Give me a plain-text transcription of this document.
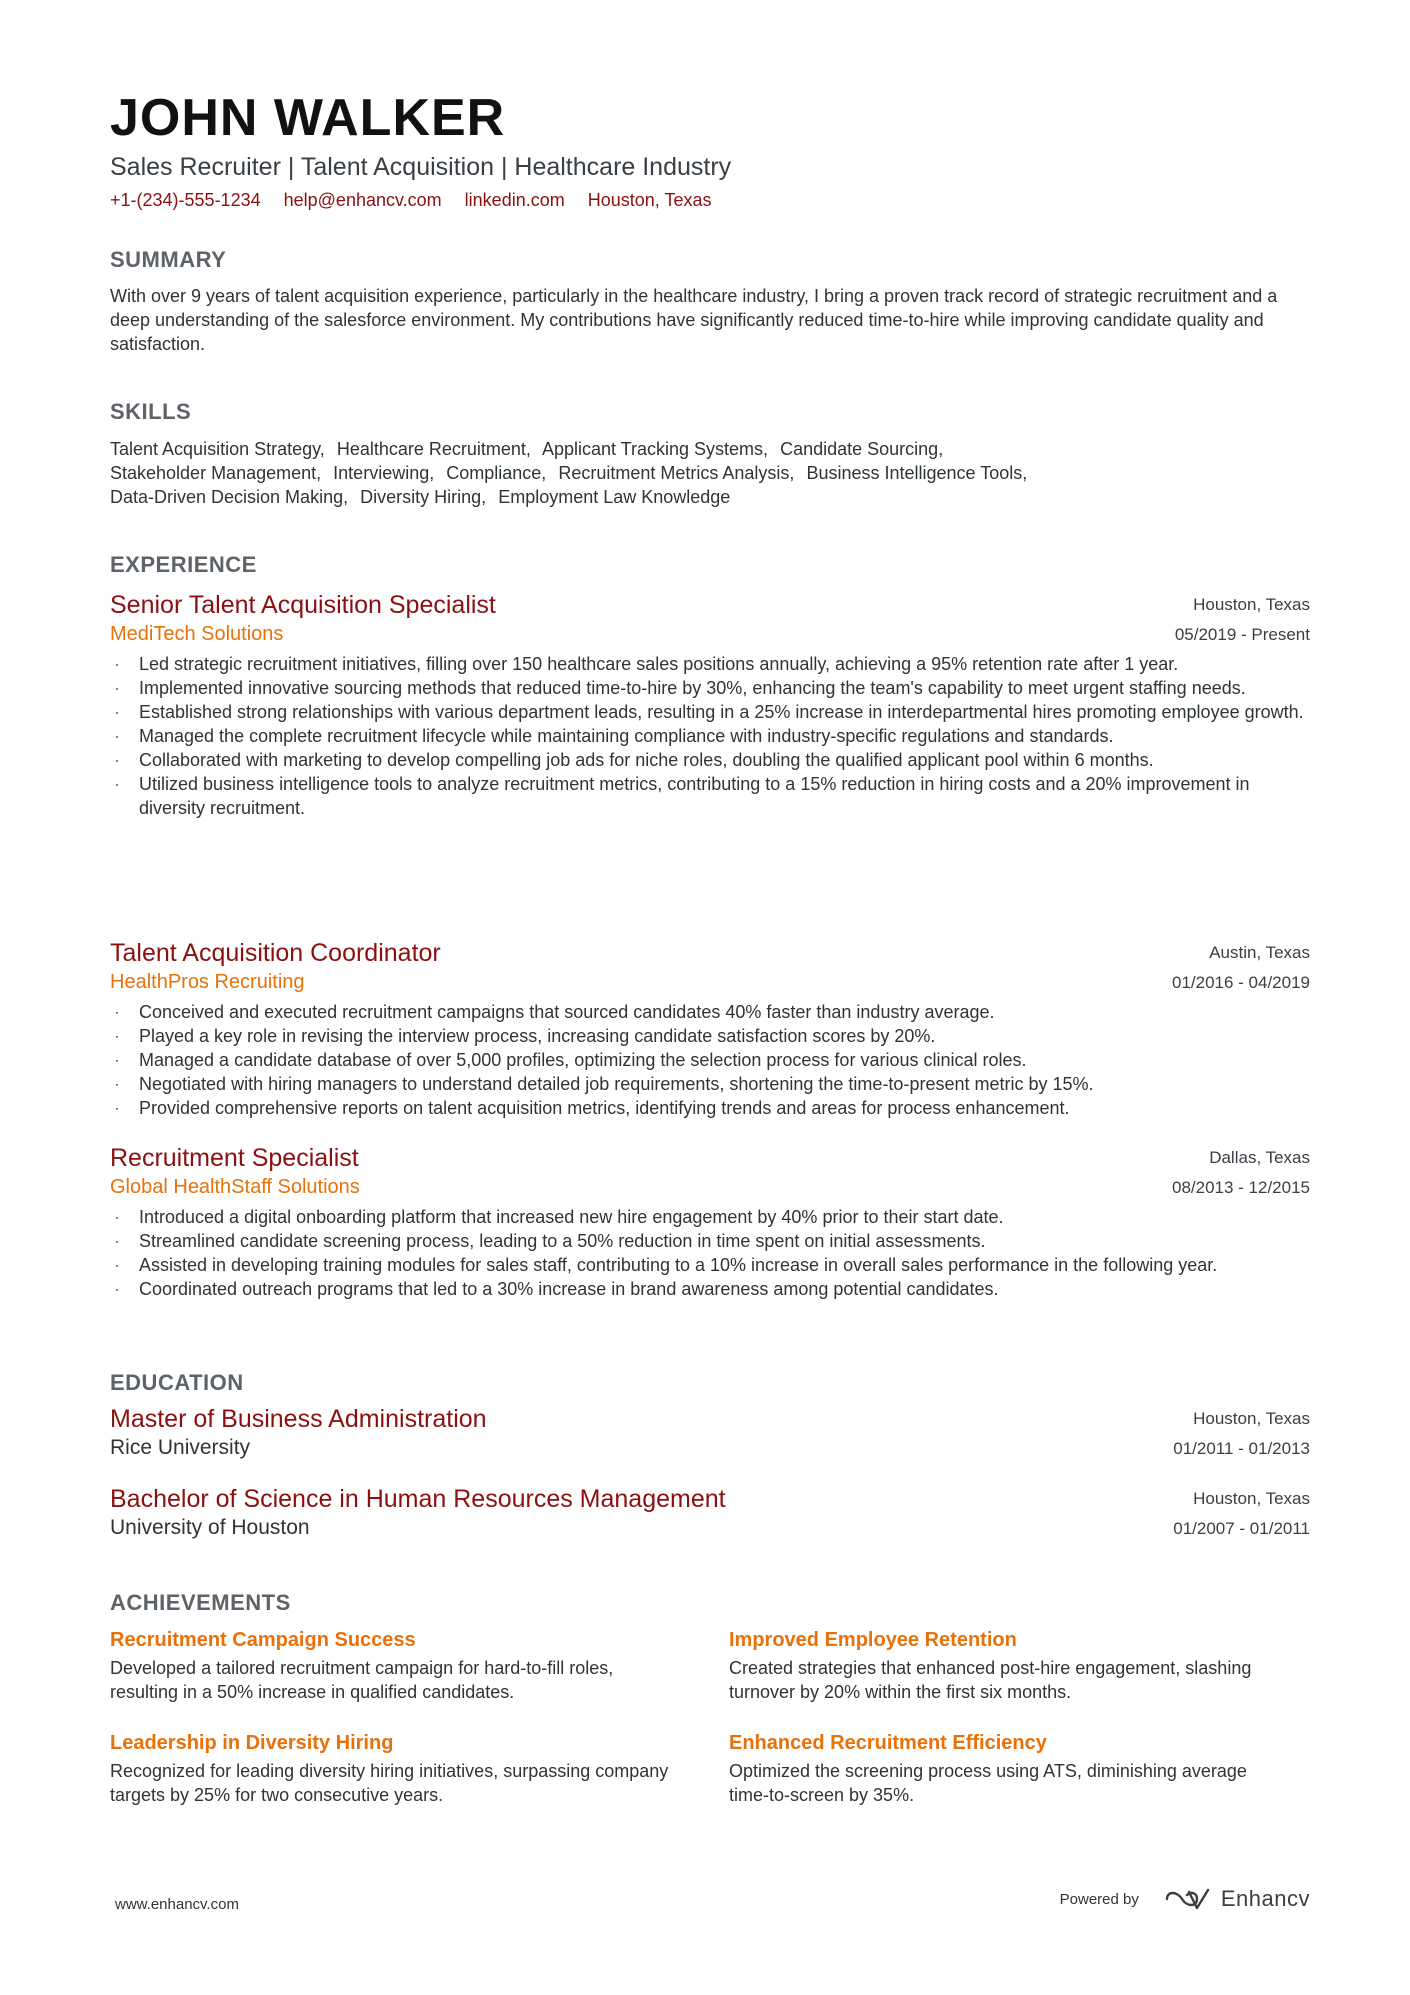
JOHN WALKER
Sales Recruiter | Talent Acquisition | Healthcare Industry
+1-(234)-555-1234 help@enhancv.com linkedin.com Houston, Texas
SUMMARY

With over 9 years of talent acquisition experience, particularly in the healthcare industry, I bring a proven track record of strategic recruitment and a deep understanding of the salesforce environment. My contributions have significantly reduced time-to-hire while improving candidate quality and satisfaction.

SKILLS
Talent Acquisition Strategy, Healthcare Recruitment, Applicant Tracking Systems, Candidate Sourcing,
Stakeholder Management, Interviewing, Compliance, Recruitment Metrics Analysis, Business Intelligence Tools,
Data-Driven Decision Making, Diversity Hiring, Employment Law Knowledge
EXPERIENCE
Senior Talent Acquisition Specialist
MediTech Solutions
Houston, Texas
05/2019 - Present
· Led strategic recruitment initiatives, filling over 150 healthcare sales positions annually, achieving a 95% retention rate after 1 year.
· Implemented innovative sourcing methods that reduced time-to-hire by 30%, enhancing the team's capability to meet urgent staffing needs.
· Established strong relationships with various department leads, resulting in a 25% increase in interdepartmental hires promoting employee growth.
· Managed the complete recruitment lifecycle while maintaining compliance with industry-specific regulations and standards.
· Collaborated with marketing to develop compelling job ads for niche roles, doubling the qualified applicant pool within 6 months.
· Utilized business intelligence tools to analyze recruitment metrics, contributing to a 15% reduction in hiring costs and a 20% improvement in diversity recruitment.
Talent Acquisition Coordinator
HealthPros Recruiting
Austin, Texas
01/2016 - 04/2019
· Conceived and executed recruitment campaigns that sourced candidates 40% faster than industry average.
· Played a key role in revising the interview process, increasing candidate satisfaction scores by 20%.
· Managed a candidate database of over 5,000 profiles, optimizing the selection process for various clinical roles.
· Negotiated with hiring managers to understand detailed job requirements, shortening the time-to-present metric by 15%.
· Provided comprehensive reports on talent acquisition metrics, identifying trends and areas for process enhancement.
Recruitment Specialist
Global HealthStaff Solutions
Dallas, Texas
08/2013 - 12/2015
· Introduced a digital onboarding platform that increased new hire engagement by 40% prior to their start date.
· Streamlined candidate screening process, leading to a 50% reduction in time spent on initial assessments.
· Assisted in developing training modules for sales staff, contributing to a 10% increase in overall sales performance in the following year.
· Coordinated outreach programs that led to a 30% increase in brand awareness among potential candidates.
EDUCATION
Master of Business Administration
Rice University
Houston, Texas
01/2011 - 01/2013
Bachelor of Science in Human Resources Management
University of Houston
Houston, Texas
01/2007 - 01/2011
ACHIEVEMENTS
Recruitment Campaign Success
Developed a tailored recruitment campaign for hard-to-fill roles, resulting in a 50% increase in qualified candidates.
Improved Employee Retention
Created strategies that enhanced post-hire engagement, slashing turnover by 20% within the first six months.
Leadership in Diversity Hiring
Recognized for leading diversity hiring initiatives, surpassing company targets by 25% for two consecutive years.
Enhanced Recruitment Efficiency
Optimized the screening process using ATS, diminishing average time-to-screen by 35%.
www.enhancv.com	Powered by	Enhancv
